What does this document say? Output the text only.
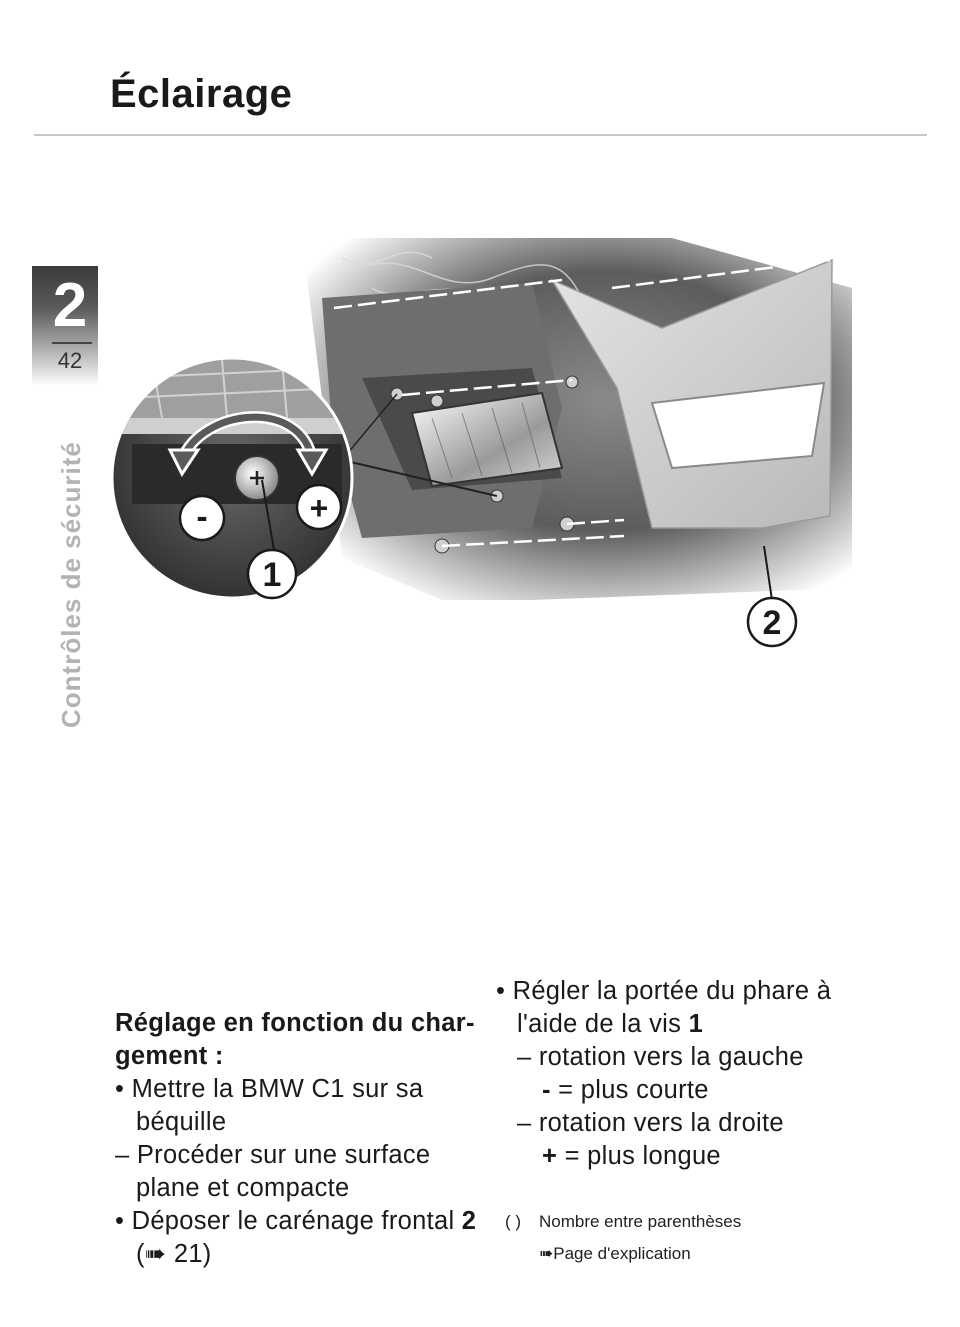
Éclairage
2
42
Contrôles de sécurité	-	+
1
2
Réglage en fonction du char-
gement :
• Mettre la BMW C1 sur sa
béquille
– Procéder sur une surface
plane et compacte
• Déposer le carénage frontal 2
(➠ 21)
• Régler la portée du phare à
l'aide de la vis 1
– rotation vers la gauche
- = plus courte
– rotation vers la droite
+ = plus longue
( ) Nombre entre parenthèses
➠Page d'explication
